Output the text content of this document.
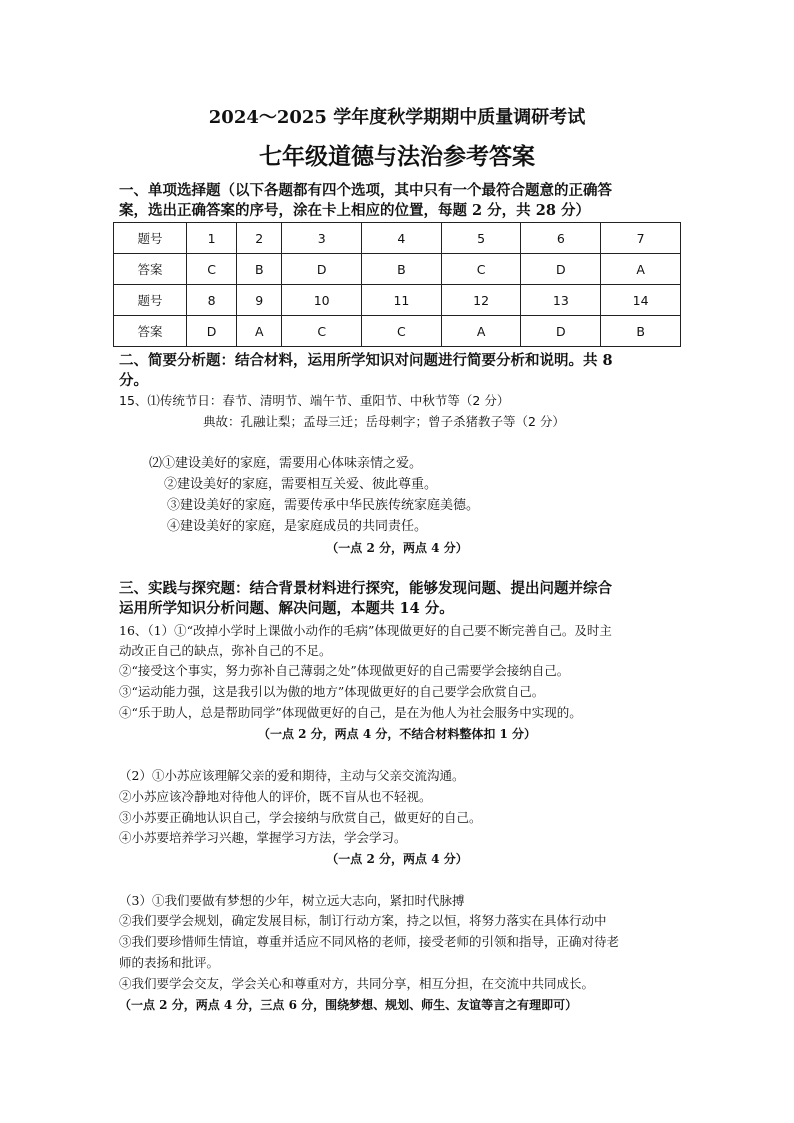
2024～2025 学年度秋学期期中质量调研考试
七年级道德与法治参考答案
一、单项选择题（以下各题都有四个选项，其中只有一个最符合题意的正确答
案，选出正确答案的序号，涂在卡上相应的位置，每题 2 分，共 28 分）
题号	1	2	3	4	5	6	7
答案	C	B	D	B	C	D	A
题号	8	9	10	11	12	13	14
答案	D	A	C	C	A	D	B
二、简要分析题：结合材料，运用所学知识对问题进行简要分析和说明。共 8
分。
15、⑴传统节日：春节、清明节、端午节、重阳节、中秋节等（2 分）
典故：孔融让梨；孟母三迁；岳母刺字；曾子杀猪教子等（2 分）
⑵①建设美好的家庭，需要用心体味亲情之爱。
②建设美好的家庭，需要相互关爱、彼此尊重。
③建设美好的家庭，需要传承中华民族传统家庭美德。
④建设美好的家庭，是家庭成员的共同责任。
（一点 2 分，两点 4 分）
三、实践与探究题：结合背景材料进行探究，能够发现问题、提出问题并综合
运用所学知识分析问题、解决问题，本题共 14 分。
16、（1）①“改掉小学时上课做小动作的毛病”体现做更好的自己要不断完善自己。及时主
动改正自己的缺点，弥补自己的不足。
②“接受这个事实，努力弥补自己薄弱之处”体现做更好的自己需要学会接纳自己。
③“运动能力强，这是我引以为傲的地方”体现做更好的自己要学会欣赏自己。
④“乐于助人，总是帮助同学”体现做更好的自己，是在为他人为社会服务中实现的。
（一点 2 分，两点 4 分，不结合材料整体扣 1 分）
（2）①小苏应该理解父亲的爱和期待，主动与父亲交流沟通。
②小苏应该冷静地对待他人的评价，既不盲从也不轻视。
③小苏要正确地认识自己，学会接纳与欣赏自己，做更好的自己。
④小苏要培养学习兴趣，掌握学习方法，学会学习。
（一点 2 分，两点 4 分）
（3）①我们要做有梦想的少年，树立远大志向，紧扣时代脉搏
②我们要学会规划，确定发展目标，制订行动方案，持之以恒，将努力落实在具体行动中
③我们要珍惜师生情谊，尊重并适应不同风格的老师，接受老师的引领和指导，正确对待老
师的表扬和批评。
④我们要学会交友，学会关心和尊重对方，共同分享，相互分担，在交流中共同成长。
（一点 2 分，两点 4 分，三点 6 分，围绕梦想、规划、师生、友谊等言之有理即可）
